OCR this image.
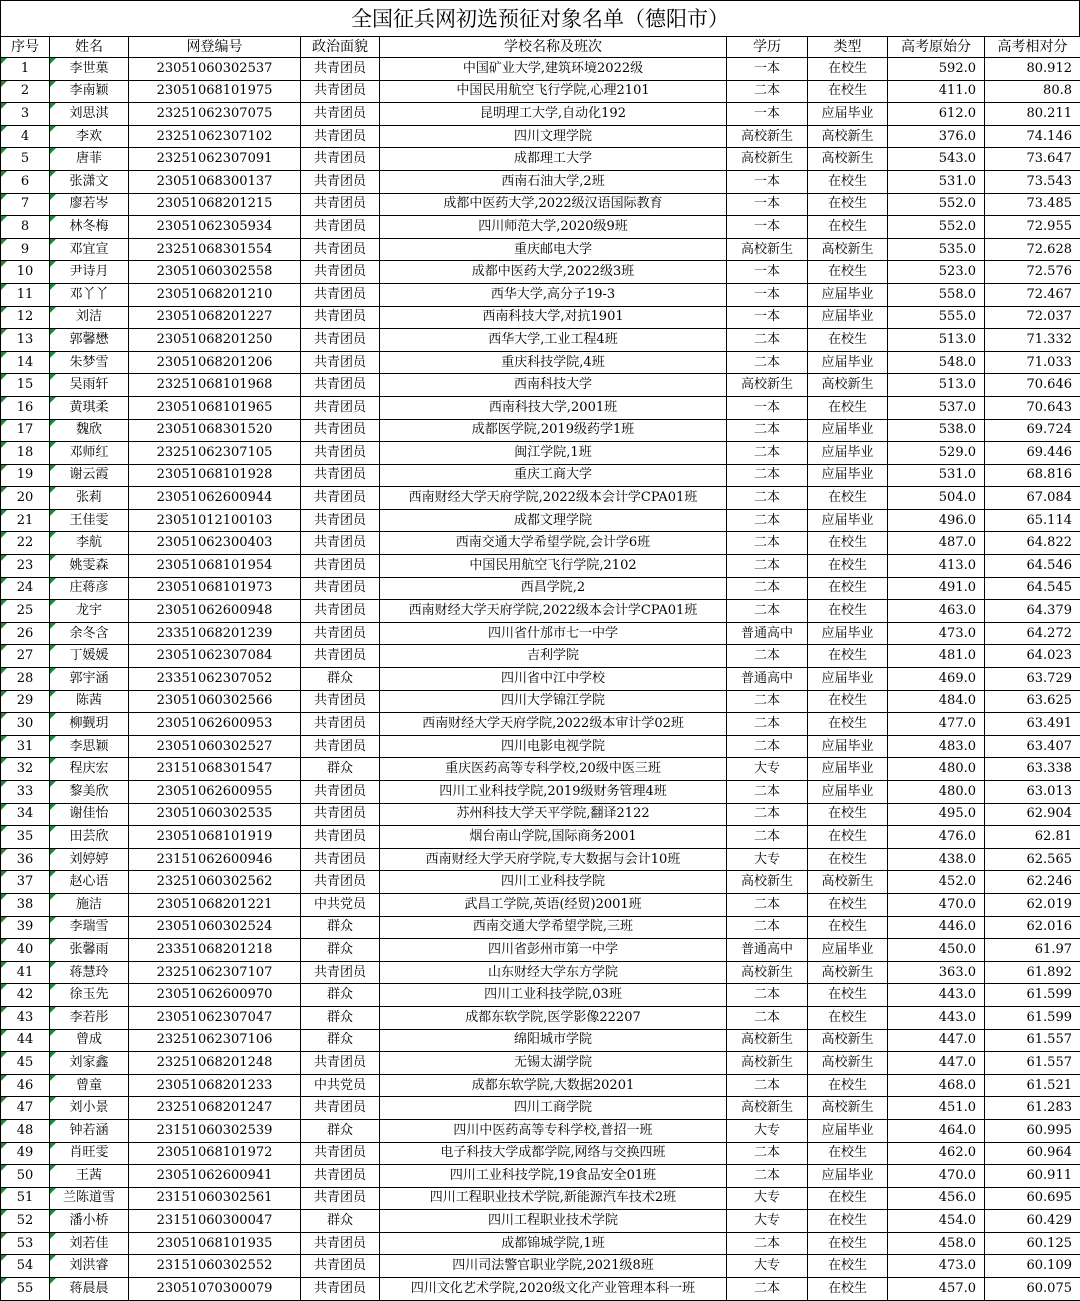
全国征兵网初选预征对象名单（德阳市）
序号	姓名	网登编号	政治面貌	学校名称及班次	学历	类型	高考原始分	高考相对分
1	李世菓	23051060302537	共青团员	中国矿业大学,建筑环境2022级	一本	在校生	592.0	80.912
2	李南颖	23051068101975	共青团员	中国民用航空飞行学院,心理2101	二本	在校生	411.0	80.8
3	刘思淇	23251062307075	共青团员	昆明理工大学,自动化192	一本	应届毕业	612.0	80.211
4	李欢	23251062307102	共青团员	四川文理学院	高校新生	高校新生	376.0	74.146
5	唐菲	23251062307091	共青团员	成都理工大学	高校新生	高校新生	543.0	73.647
6	张潇文	23051068300137	共青团员	西南石油大学,2班	一本	在校生	531.0	73.543
7	廖若岑	23051068201215	共青团员	成都中医药大学,2022级汉语国际教育	一本	在校生	552.0	73.485
8	林冬梅	23051062305934	共青团员	四川师范大学,2020级9班	一本	在校生	552.0	72.955
9	邓宜宣	23251068301554	共青团员	重庆邮电大学	高校新生	高校新生	535.0	72.628
10	尹诗月	23051060302558	共青团员	成都中医药大学,2022级3班	一本	在校生	523.0	72.576
11	邓丫丫	23051068201210	共青团员	西华大学,高分子19-3	一本	应届毕业	558.0	72.467
12	刘洁	23051068201227	共青团员	西南科技大学,对抗1901	一本	应届毕业	555.0	72.037
13	郭馨懋	23051068201250	共青团员	西华大学,工业工程4班	二本	在校生	513.0	71.332
14	朱梦雪	23051068201206	共青团员	重庆科技学院,4班	二本	应届毕业	548.0	71.033
15	吴雨轩	23251068101968	共青团员	西南科技大学	高校新生	高校新生	513.0	70.646
16	黄琪柔	23051068101965	共青团员	西南科技大学,2001班	一本	在校生	537.0	70.643
17	魏欣	23051068301520	共青团员	成都医学院,2019级药学1班	二本	应届毕业	538.0	69.724
18	邓师红	23251062307105	共青团员	闽江学院,1班	二本	应届毕业	529.0	69.446
19	谢云霞	23051068101928	共青团员	重庆工商大学	二本	应届毕业	531.0	68.816
20	张莉	23051062600944	共青团员	西南财经大学天府学院,2022级本会计学CPA01班	二本	在校生	504.0	67.084
21	王佳雯	23051012100103	共青团员	成都文理学院	二本	应届毕业	496.0	65.114
22	李航	23051062300403	共青团员	西南交通大学希望学院,会计学6班	二本	在校生	487.0	64.822
23	姚雯森	23051068101954	共青团员	中国民用航空飞行学院,2102	二本	在校生	413.0	64.546
24	庄蒋彦	23051068101973	共青团员	西昌学院,2	二本	在校生	491.0	64.545
25	龙宇	23051062600948	共青团员	西南财经大学天府学院,2022级本会计学CPA01班	二本	在校生	463.0	64.379
26	余冬含	23351068201239	共青团员	四川省什邡市七一中学	普通高中	应届毕业	473.0	64.272
27	丁媛媛	23051062307084	共青团员	吉利学院	二本	在校生	481.0	64.023
28	郭宇涵	23351062307052	群众	四川省中江中学校	普通高中	应届毕业	469.0	63.729
29	陈茜	23051060302566	共青团员	四川大学锦江学院	二本	在校生	484.0	63.625
30	柳觐玥	23051062600953	共青团员	西南财经大学天府学院,2022级本审计学02班	二本	在校生	477.0	63.491
31	李思颖	23051060302527	共青团员	四川电影电视学院	二本	应届毕业	483.0	63.407
32	程庆宏	23151068301547	群众	重庆医药高等专科学校,20级中医三班	大专	应届毕业	480.0	63.338
33	黎美欣	23051062600955	共青团员	四川工业科技学院,2019级财务管理4班	二本	应届毕业	480.0	63.013
34	谢佳怡	23051060302535	共青团员	苏州科技大学天平学院,翻译2122	二本	在校生	495.0	62.904
35	田芸欣	23051068101919	共青团员	烟台南山学院,国际商务2001	二本	在校生	476.0	62.81
36	刘婷婷	23151062600946	共青团员	西南财经大学天府学院,专大数据与会计10班	大专	在校生	438.0	62.565
37	赵心语	23251060302562	共青团员	四川工业科技学院	高校新生	高校新生	452.0	62.246
38	施洁	23051068201221	中共党员	武昌工学院,英语(经贸)2001班	二本	在校生	470.0	62.019
39	李瑞雪	23051060302524	群众	西南交通大学希望学院,三班	二本	在校生	446.0	62.016
40	张馨雨	23351068201218	群众	四川省彭州市第一中学	普通高中	应届毕业	450.0	61.97
41	蒋慧玲	23251062307107	共青团员	山东财经大学东方学院	高校新生	高校新生	363.0	61.892
42	徐玉先	23051062600970	群众	四川工业科技学院,03班	二本	在校生	443.0	61.599
43	李若彤	23051062307047	群众	成都东软学院,医学影像22207	二本	在校生	443.0	61.599
44	曾成	23251062307106	群众	绵阳城市学院	高校新生	高校新生	447.0	61.557
45	刘家鑫	23251068201248	共青团员	无锡太湖学院	高校新生	高校新生	447.0	61.557
46	曾童	23051068201233	中共党员	成都东软学院,大数据20201	二本	在校生	468.0	61.521
47	刘小景	23251068201247	共青团员	四川工商学院	高校新生	高校新生	451.0	61.283
48	钟若涵	23151060302539	群众	四川中医药高等专科学校,普招一班	大专	应届毕业	464.0	60.995
49	肖旺雯	23051068101972	共青团员	电子科技大学成都学院,网络与交换四班	二本	在校生	462.0	60.964
50	王茜	23051062600941	共青团员	四川工业科技学院,19食品安全01班	二本	应届毕业	470.0	60.911
51	兰陈道雪	23151060302561	共青团员	四川工程职业技术学院,新能源汽车技术2班	大专	在校生	456.0	60.695
52	潘小桥	23151060300047	群众	四川工程职业技术学院	大专	在校生	454.0	60.429
53	刘若佳	23051068101935	共青团员	成都锦城学院,1班	二本	在校生	458.0	60.125
54	刘洪睿	23151060302552	共青团员	四川司法警官职业学院,2021级8班	大专	在校生	473.0	60.109
55	蒋晨晨	23051070300079	共青团员	四川文化艺术学院,2020级文化产业管理本科一班	二本	在校生	457.0	60.075
